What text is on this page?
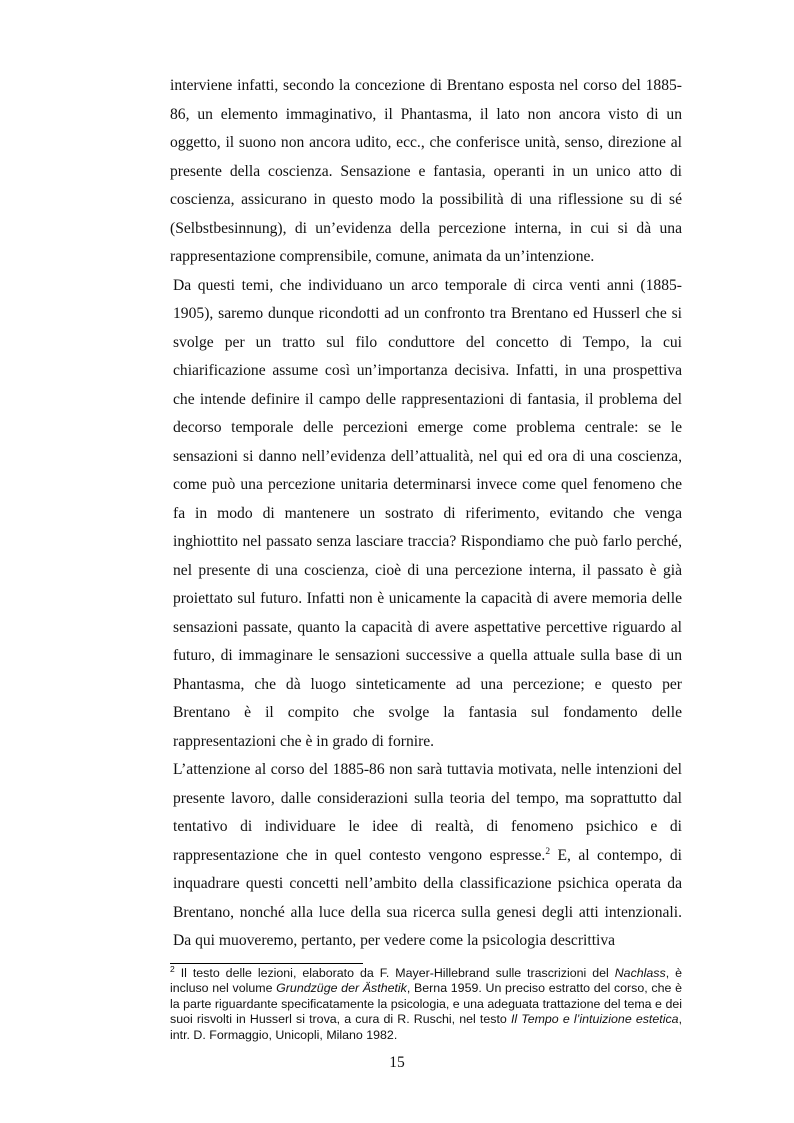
interviene infatti, secondo la concezione di Brentano esposta nel corso del 1885-86, un elemento immaginativo, il Phantasma, il lato non ancora visto di un oggetto, il suono non ancora udito, ecc., che conferisce unità, senso, direzione al presente della coscienza. Sensazione e fantasia, operanti in un unico atto di coscienza, assicurano in questo modo la possibilità di una riflessione su di sé (Selbstbesinnung), di un’evidenza della percezione interna, in cui si dà una rappresentazione comprensibile, comune, animata da un’intenzione.

Da questi temi, che individuano un arco temporale di circa venti anni (1885-1905), saremo dunque ricondotti ad un confronto tra Brentano ed Husserl che si svolge per un tratto sul filo conduttore del concetto di Tempo, la cui chiarificazione assume così un’importanza decisiva. Infatti, in una prospettiva che intende definire il campo delle rappresentazioni di fantasia, il problema del decorso temporale delle percezioni emerge come problema centrale: se le sensazioni si danno nell’evidenza dell’attualità, nel qui ed ora di una coscienza, come può una percezione unitaria determinarsi invece come quel fenomeno che fa in modo di mantenere un sostrato di riferimento, evitando che venga inghiottito nel passato senza lasciare traccia? Rispondiamo che può farlo perché, nel presente di una coscienza, cioè di una percezione interna, il passato è già proiettato sul futuro. Infatti non è unicamente la capacità di avere memoria delle sensazioni passate, quanto la capacità di avere aspettative percettive riguardo al futuro, di immaginare le sensazioni successive a quella attuale sulla base di un Phantasma, che dà luogo sinteticamente ad una percezione; e questo per Brentano è il compito che svolge la fantasia sul fondamento delle rappresentazioni che è in grado di fornire.

L’attenzione al corso del 1885-86 non sarà tuttavia motivata, nelle intenzioni del presente lavoro, dalle considerazioni sulla teoria del tempo, ma soprattutto dal tentativo di individuare le idee di realtà, di fenomeno psichico e di rappresentazione che in quel contesto vengono espresse.$^2$ E, al contempo, di inquadrare questi concetti nell’ambito della classificazione psichica operata da Brentano, nonché alla luce della sua ricerca sulla genesi degli atti intenzionali. Da qui muoveremo, pertanto, per vedere come la psicologia descrittiva

$^2$ Il testo delle lezioni, elaborato da F. Mayer-Hillebrand sulle trascrizioni del Nachlass, è incluso nel volume Grundzüge der Ästhetik, Berna 1959. Un preciso estratto del corso, che è la parte riguardante specificatamente la psicologia, e una adeguata trattazione del tema e dei suoi risvolti in Husserl si trova, a cura di R. Ruschi, nel testo Il Tempo e l’intuizione estetica, intr. D. Formaggio, Unicopli, Milano 1982.
15
